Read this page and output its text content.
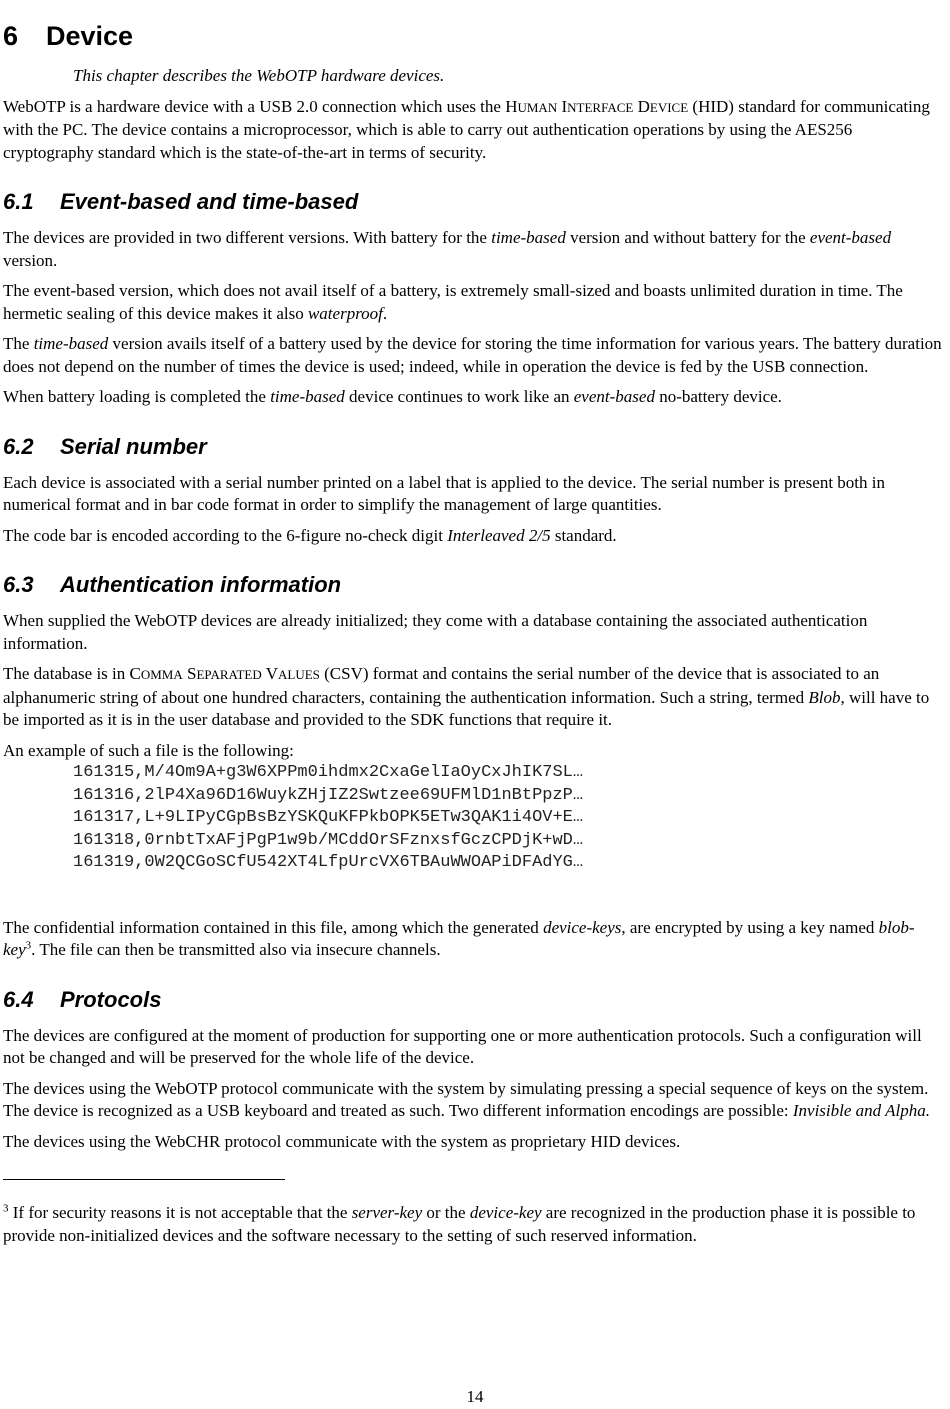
6	Device
This chapter describes the WebOTP hardware devices.

WebOTP is a hardware device with a USB 2.0 connection which uses the HUMAN INTERFACE DEVICE (HID) standard for communicating with the PC. The device contains a microprocessor, which is able to carry out authentication operations by using the AES256 cryptography standard which is the state-of-the-art in terms of security.

6.1	Event-based and time-based

The devices are provided in two different versions. With battery for the time-based version and without battery for the event-based version.

The event-based version, which does not avail itself of a battery, is extremely small-sized and boasts unlimited duration in time. The hermetic sealing of this device makes it also waterproof.

The time-based version avails itself of a battery used by the device for storing the time information for various years. The battery duration does not depend on the number of times the device is used; indeed, while in operation the device is fed by the USB connection.

When battery loading is completed the time-based device continues to work like an event-based no-battery device.

6.2	Serial number

Each device is associated with a serial number printed on a label that is applied to the device. The serial number is present both in numerical format and in bar code format in order to simplify the management of large quantities.

The code bar is encoded according to the 6-figure no-check digit Interleaved 2/5 standard.

6.3	Authentication information

When supplied the WebOTP devices are already initialized; they come with a database containing the associated authentication information.

The database is in COMMA SEPARATED VALUES (CSV) format and contains the serial number of the device that is associated to an alphanumeric string of about one hundred characters, containing the authentication information. Such a string, termed Blob, will have to be imported as it is in the user database and provided to the SDK functions that require it.

An example of such a file is the following:

161315,M/4Om9A+g3W6XPPm0ihdmx2CxaGelIaOyCxJhIK7SL…
161316,2lP4Xa96D16WuykZHjIZ2Swtzee69UFMlD1nBtPpzP…
161317,L+9LIPyCGpBsBzYSKQuKFPkbOPK5ETw3QAK1i4OV+E…
161318,0rnbtTxAFjPgP1w9b/MCddOrSFznxsfGczCPDjK+wD…
161319,0W2QCGoSCfU542XT4LfpUrcVX6TBAuWWOAPiDFAdYG…

The confidential information contained in this file, among which the generated device-keys, are encrypted by using a key named blob-key$^3$. The file can then be transmitted also via insecure channels.

6.4	Protocols

The devices are configured at the moment of production for supporting one or more authentication protocols. Such a configuration will not be changed and will be preserved for the whole life of the device.

The devices using the WebOTP protocol communicate with the system by simulating pressing a special sequence of keys on the system. The device is recognized as a USB keyboard and treated as such. Two different information encodings are possible: Invisible and Alpha.

The devices using the WebCHR protocol communicate with the system as proprietary HID devices.

$^3$ If for security reasons it is not acceptable that the server-key or the device-key are recognized in the production phase it is possible to provide non-initialized devices and the software necessary to the setting of such reserved information.
14
